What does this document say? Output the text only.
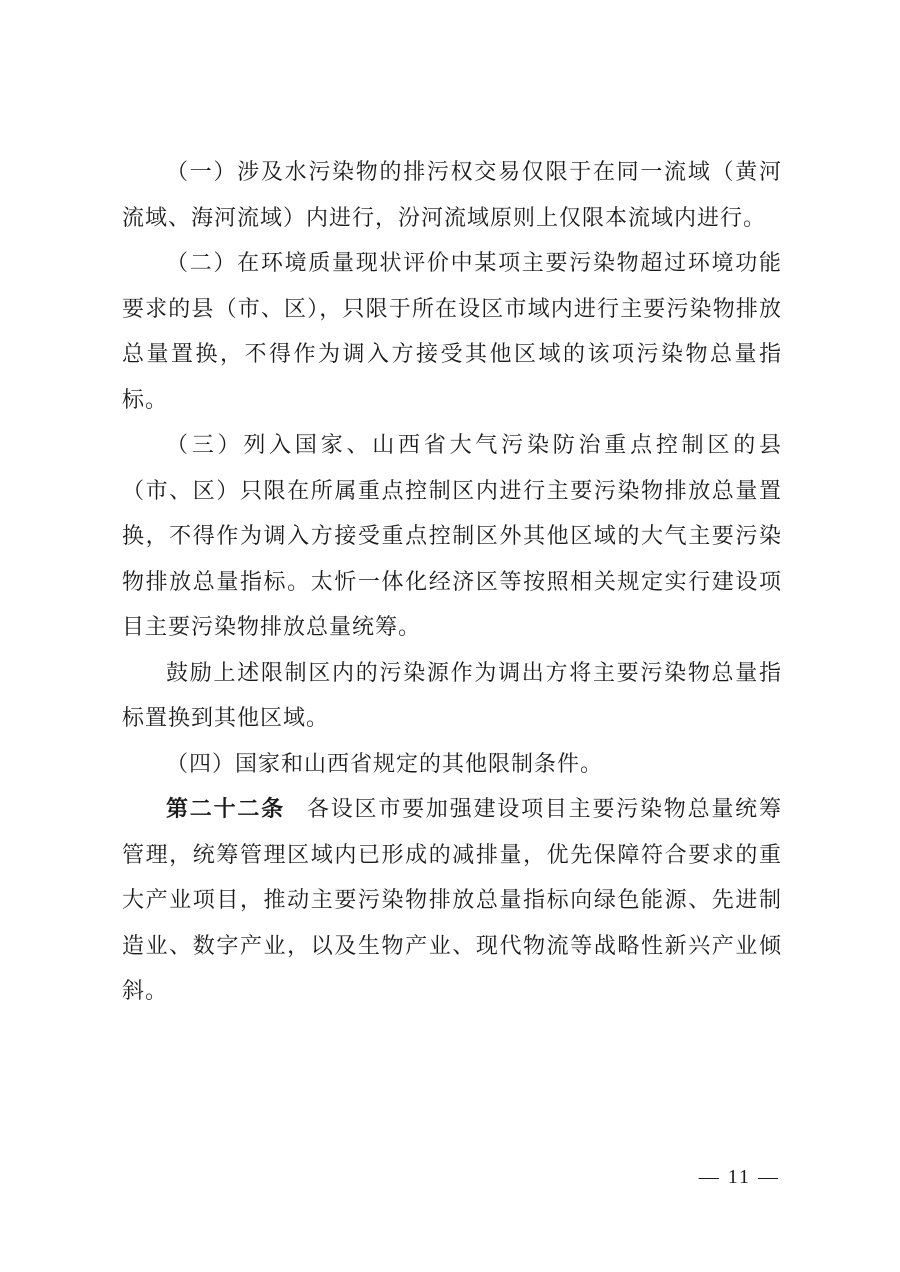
（一）涉及水污染物的排污权交易仅限于在同一流域（黄河流域、海河流域）内进行，汾河流域原则上仅限本流域内进行。

（二）在环境质量现状评价中某项主要污染物超过环境功能要求的县（市、区），只限于所在设区市域内进行主要污染物排放总量置换，不得作为调入方接受其他区域的该项污染物总量指标。

（三）列入国家、山西省大气污染防治重点控制区的县（市、区）只限在所属重点控制区内进行主要污染物排放总量置换，不得作为调入方接受重点控制区外其他区域的大气主要污染物排放总量指标。太忻一体化经济区等按照相关规定实行建设项目主要污染物排放总量统筹。

鼓励上述限制区内的污染源作为调出方将主要污染物总量指标置换到其他区域。

（四）国家和山西省规定的其他限制条件。

第二十二条 各设区市要加强建设项目主要污染物总量统筹管理，统筹管理区域内已形成的减排量，优先保障符合要求的重大产业项目，推动主要污染物排放总量指标向绿色能源、先进制造业、数字产业，以及生物产业、现代物流等战略性新兴产业倾斜。

— 11 —
